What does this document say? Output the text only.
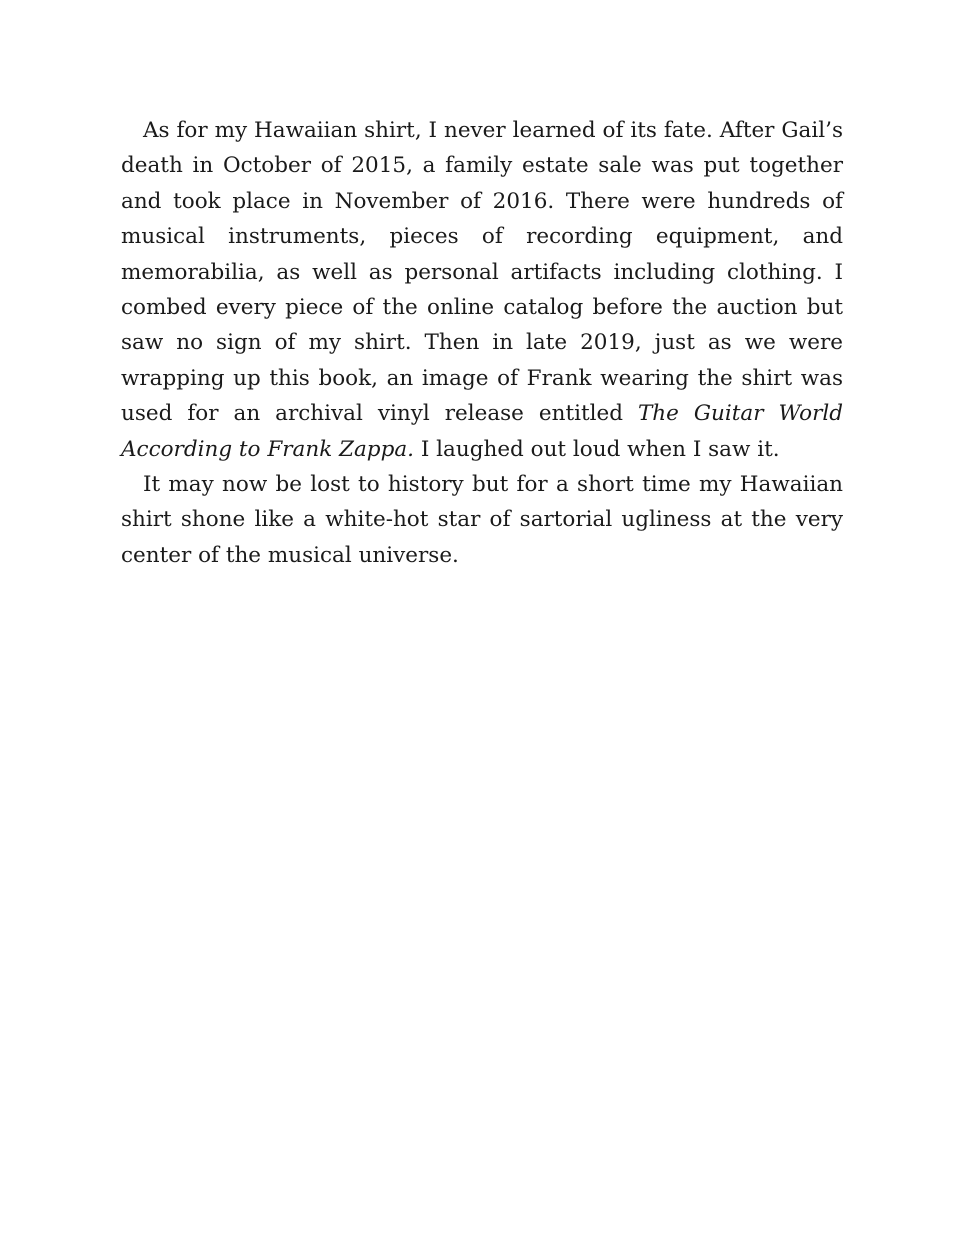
As for my Hawaiian shirt, I never learned of its fate. After Gail’s death in October of 2015, a family estate sale was put together and took place in November of 2016. There were hundreds of musical instruments, pieces of recording equipment, and memorabilia, as well as personal artifacts including clothing. I combed every piece of the online catalog before the auction but saw no sign of my shirt. Then in late 2019, just as we were wrapping up this book, an image of Frank wearing the shirt was used for an archival vinyl release entitled The Guitar World According to Frank Zappa. I laughed out loud when I saw it.

It may now be lost to history but for a short time my Hawaiian shirt shone like a white-hot star of sartorial ugliness at the very center of the musical universe.
